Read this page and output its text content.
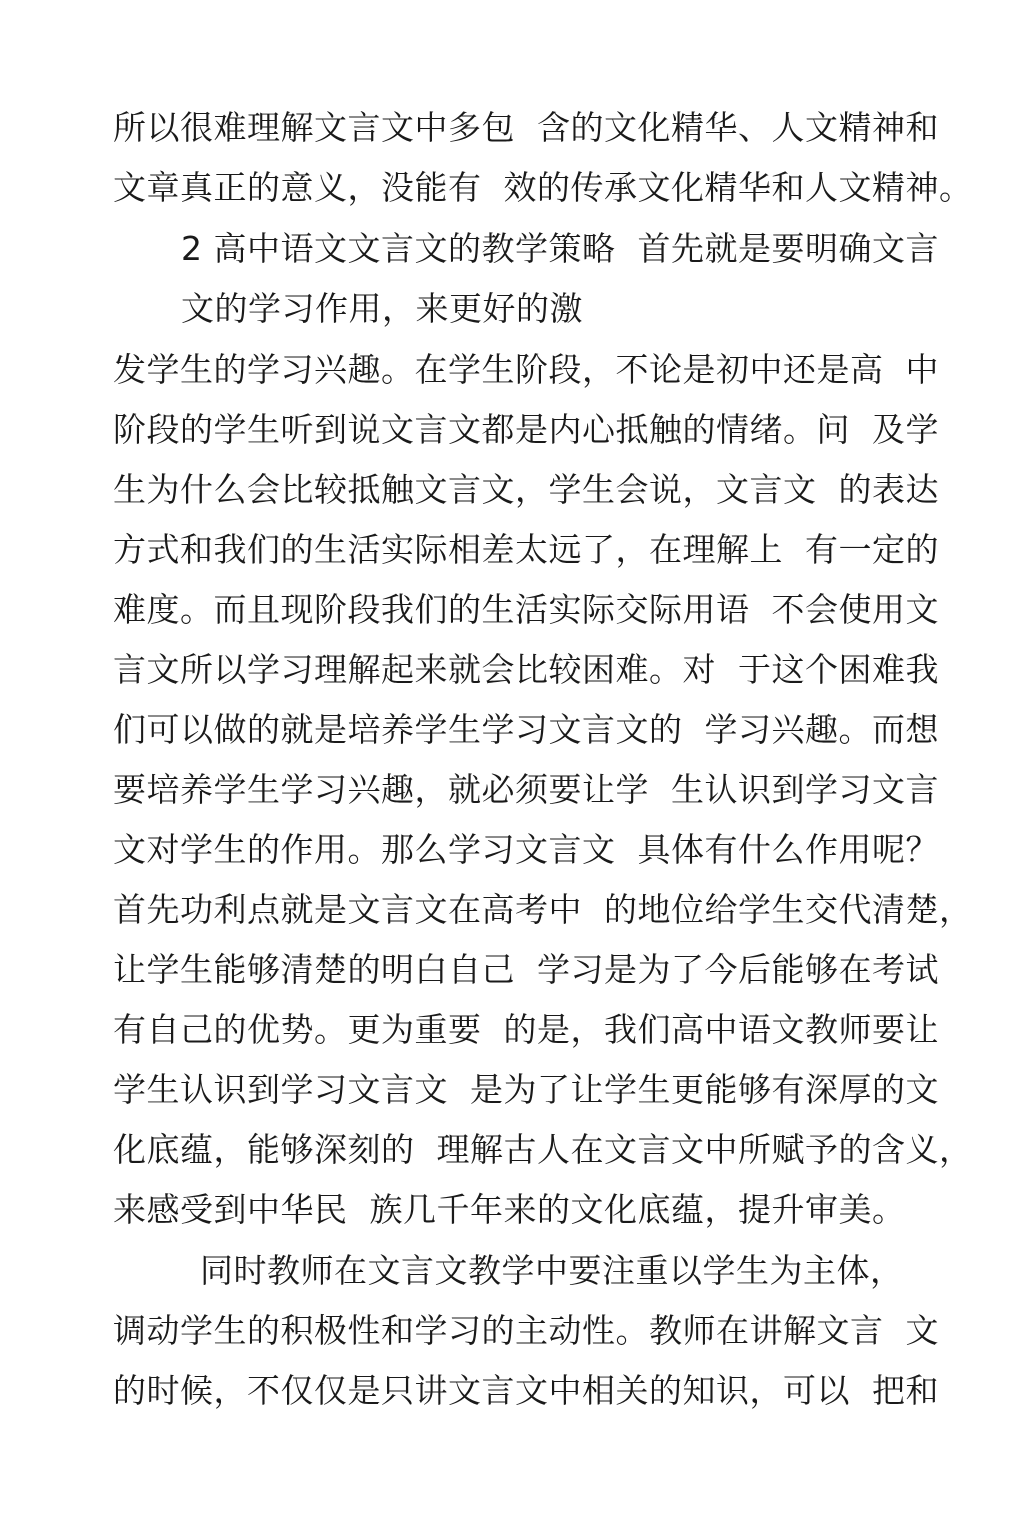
所以很难理解文言文中多包  含的文化精华、人文精神和
文章真正的意义，没能有  效的传承文化精华和人文精神。
2 高中语文文言文的教学策略  首先就是要明确文言
文的学习作用，来更好的激
发学生的学习兴趣。在学生阶段，不论是初中还是高  中
阶段的学生听到说文言文都是内心抵触的情绪。问  及学
生为什么会比较抵触文言文，学生会说，文言文  的表达
方式和我们的生活实际相差太远了，在理解上  有一定的
难度。而且现阶段我们的生活实际交际用语  不会使用文
言文所以学习理解起来就会比较困难。对  于这个困难我
们可以做的就是培养学生学习文言文的  学习兴趣。而想
要培养学生学习兴趣，就必须要让学  生认识到学习文言
文对学生的作用。那么学习文言文  具体有什么作用呢？
首先功利点就是文言文在高考中  的地位给学生交代清楚，
让学生能够清楚的明白自己  学习是为了今后能够在考试
有自己的优势。更为重要  的是，我们高中语文教师要让
学生认识到学习文言文  是为了让学生更能够有深厚的文
化底蕴，能够深刻的  理解古人在文言文中所赋予的含义，
来感受到中华民  族几千年来的文化底蕴，提升审美。
同时教师在文言文教学中要注重以学生为主体，
调动学生的积极性和学习的主动性。教师在讲解文言  文
的时候，不仅仅是只讲文言文中相关的知识，可以  把和
